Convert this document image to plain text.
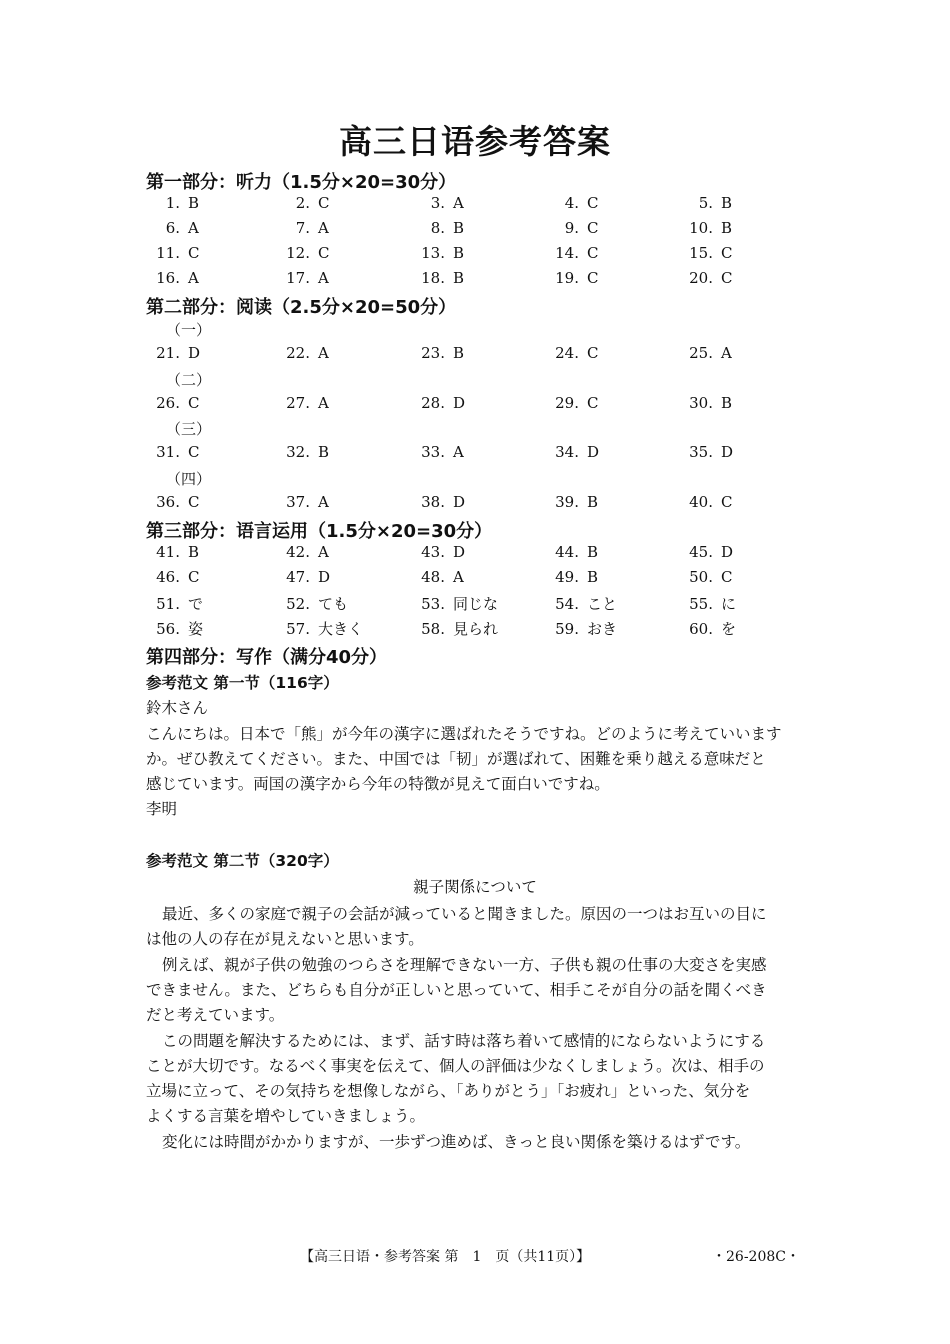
高三日语参考答案
第一部分：听力（1.5分×20=30分）
1. B	2. C	3. A	4. C	5. B
6. A	7. A	8. B	9. C	10. B
11. C	12. C	13. B	14. C	15. C
16. A	17. A	18. B	19. C	20. C
第二部分：阅读（2.5分×20=50分）
（一）
21. D	22. A	23. B	24. C	25. A
（二）
26. C	27. A	28. D	29. C	30. B
（三）
31. C	32. B	33. A	34. D	35. D
（四）
36. C	37. A	38. D	39. B	40. C
第三部分：语言运用（1.5分×20=30分）
41. B	42. A	43. D	44. B	45. D
46. C	47. D	48. A	49. B	50. C
51. で	52. ても	53. 同じな	54. こと	55. に
56. 姿	57. 大きく	58. 見られ	59. おき	60. を
第四部分：写作（满分40分）
参考范文 第一节（116字）
鈴木さん
こんにちは。日本で「熊」が今年の漢字に選ばれたそうですね。どのように考えていいます
か。ぜひ教えてください。また、中国では「韧」が選ばれて、困難を乗り越える意味だと
感じています。両国の漢字から今年の特徴が見えて面白いですね。
李明
参考范文 第二节（320字）
親子関係について
最近、多くの家庭で親子の会話が減っていると聞きました。原因の一つはお互いの目に
は他の人の存在が見えないと思います。
例えば、親が子供の勉強のつらさを理解できない一方、子供も親の仕事の大変さを実感
できません。また、どちらも自分が正しいと思っていて、相手こそが自分の話を聞くべき
だと考えています。
この問題を解決するためには、まず、話す時は落ち着いて感情的にならないようにする
ことが大切です。なるべく事実を伝えて、個人の評価は少なくしましょう。次は、相手の
立場に立って、その気持ちを想像しながら、「ありがとう」「お疲れ」といった、気分を
よくする言葉を増やしていきましょう。
変化には時間がかかりますが、一歩ずつ進めば、きっと良い関係を築けるはずです。
【高三日语・参考答案 第　1　页（共11页）】	・26-208C・
